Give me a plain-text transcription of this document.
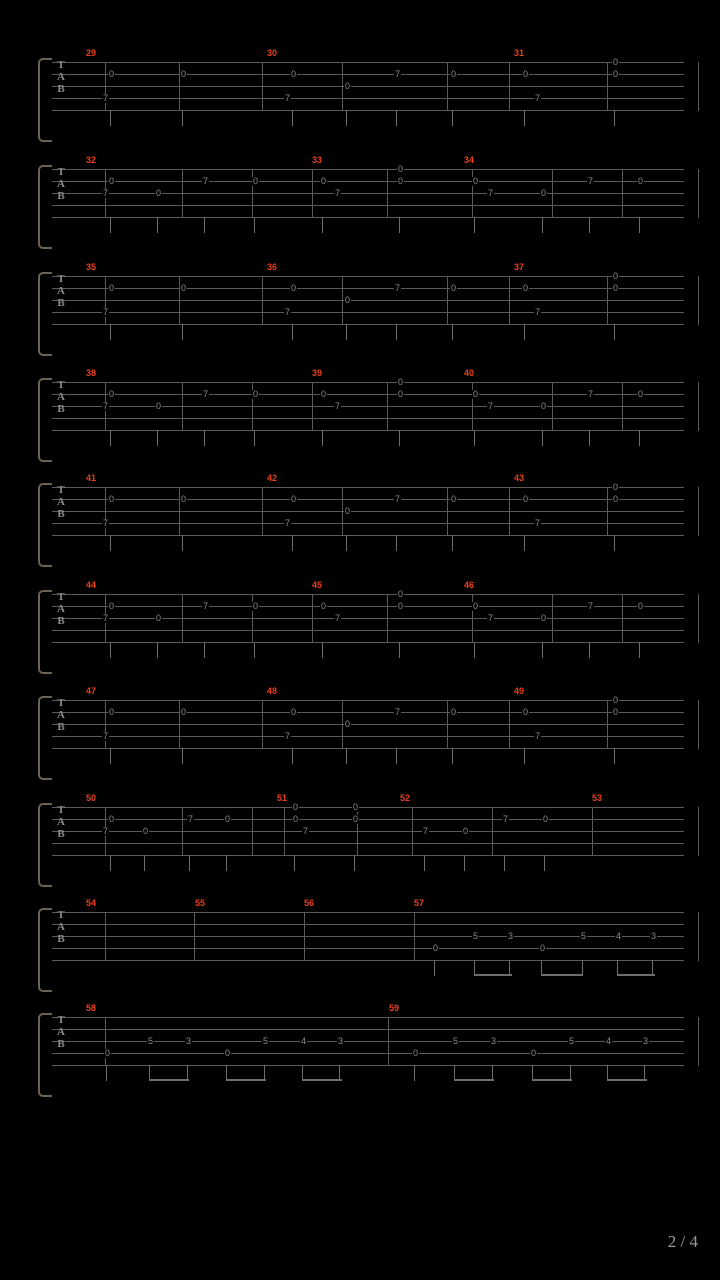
T
A
B
29	30	31
0
7
0	0
7
0
7	0	0
7
0
0
T
A
B
32	33	34
0
7	0
7	0	0
7
0
0
0
7	0
7	0
T
A
B
35	36	37
0
7
0	0
7
0
7	0	0
7
0
0
T
A
B
38	39	40
0
7	0
7	0	0
7
0
0
0
7	0
7	0
T
A
B
41	42	43
0
7
0	0
7
0
7	0	0
7
0
0
T
A
B
44	45	46
0
7	0
7	0	0
7
0
0
0
7	0
7	0
T
A
B
47	48	49
0
7
0	0
7
0
7	0	0
7
0
0
T
A
B
50	51	52	53
0
7	0
7	0	0
0
7
0
0
7	0
7	0
T
A
B
54	55	56	57
0
5	3
0
5	4	3
T
A
B
58	59
0
5	3
0
5	4	3
0
5	3
0
5	4	3
2 / 4
